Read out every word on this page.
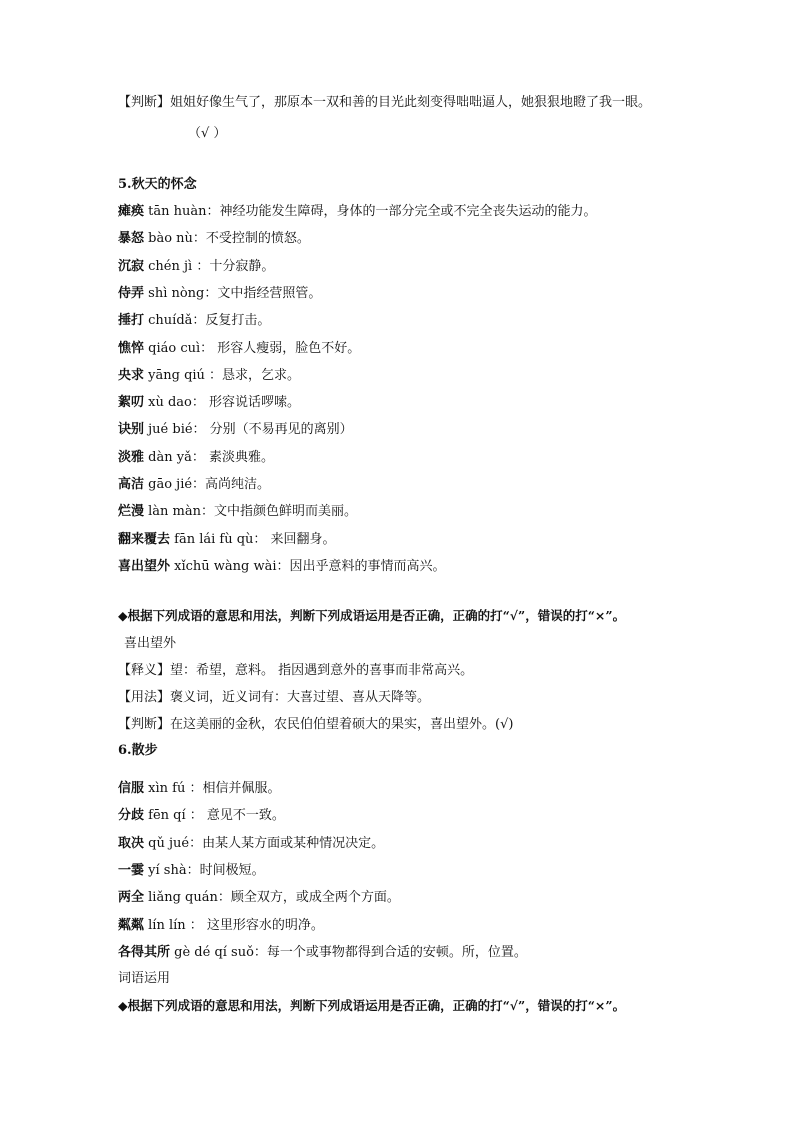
【判断】姐姐好像生气了，那原本一双和善的目光此刻变得咄咄逼人，她狠狠地瞪了我一眼。
（√ ）
5.秋天的怀念
瘫痪 tān huàn：神经功能发生障碍，身体的一部分完全或不完全丧失运动的能力。
暴怒 bào nù：不受控制的愤怒。
沉寂 chén jì ：十分寂静。
侍弄 shì nòng：文中指经营照管。
捶打 chuídǎ：反复打击。
憔悴 qiáo cuì： 形容人瘦弱，脸色不好。
央求 yāng qiú ：恳求，乞求。
絮叨 xù dao： 形容说话啰嗦。
诀别 jué bié： 分别（不易再见的离别）
淡雅 dàn yǎ： 素淡典雅。
高洁 gāo jié：高尚纯洁。
烂漫 làn màn：文中指颜色鲜明而美丽。
翻来覆去 fān lái fù qù： 来回翻身。
喜出望外 xǐchū wàng wài：因出乎意料的事情而高兴。
◆根据下列成语的意思和用法，判断下列成语运用是否正确，正确的打“√”，错误的打“×”。
喜出望外
【释义】望：希望，意料。 指因遇到意外的喜事而非常高兴。
【用法】褒义词，近义词有：大喜过望、喜从天降等。
【判断】在这美丽的金秋，农民伯伯望着硕大的果实，喜出望外。(√)
6.散步
信服 xìn fú ：相信并佩服。
分歧 fēn qí ： 意见不一致。
取决 qǔ jué：由某人某方面或某种情况决定。
一霎 yí shà：时间极短。
两全 liǎng quán：顾全双方，或成全两个方面。
粼粼 lín lín ： 这里形容水的明净。
各得其所 gè dé qí suǒ：每一个或事物都得到合适的安顿。所，位置。
词语运用
◆根据下列成语的意思和用法，判断下列成语运用是否正确，正确的打“√”，错误的打“×”。
